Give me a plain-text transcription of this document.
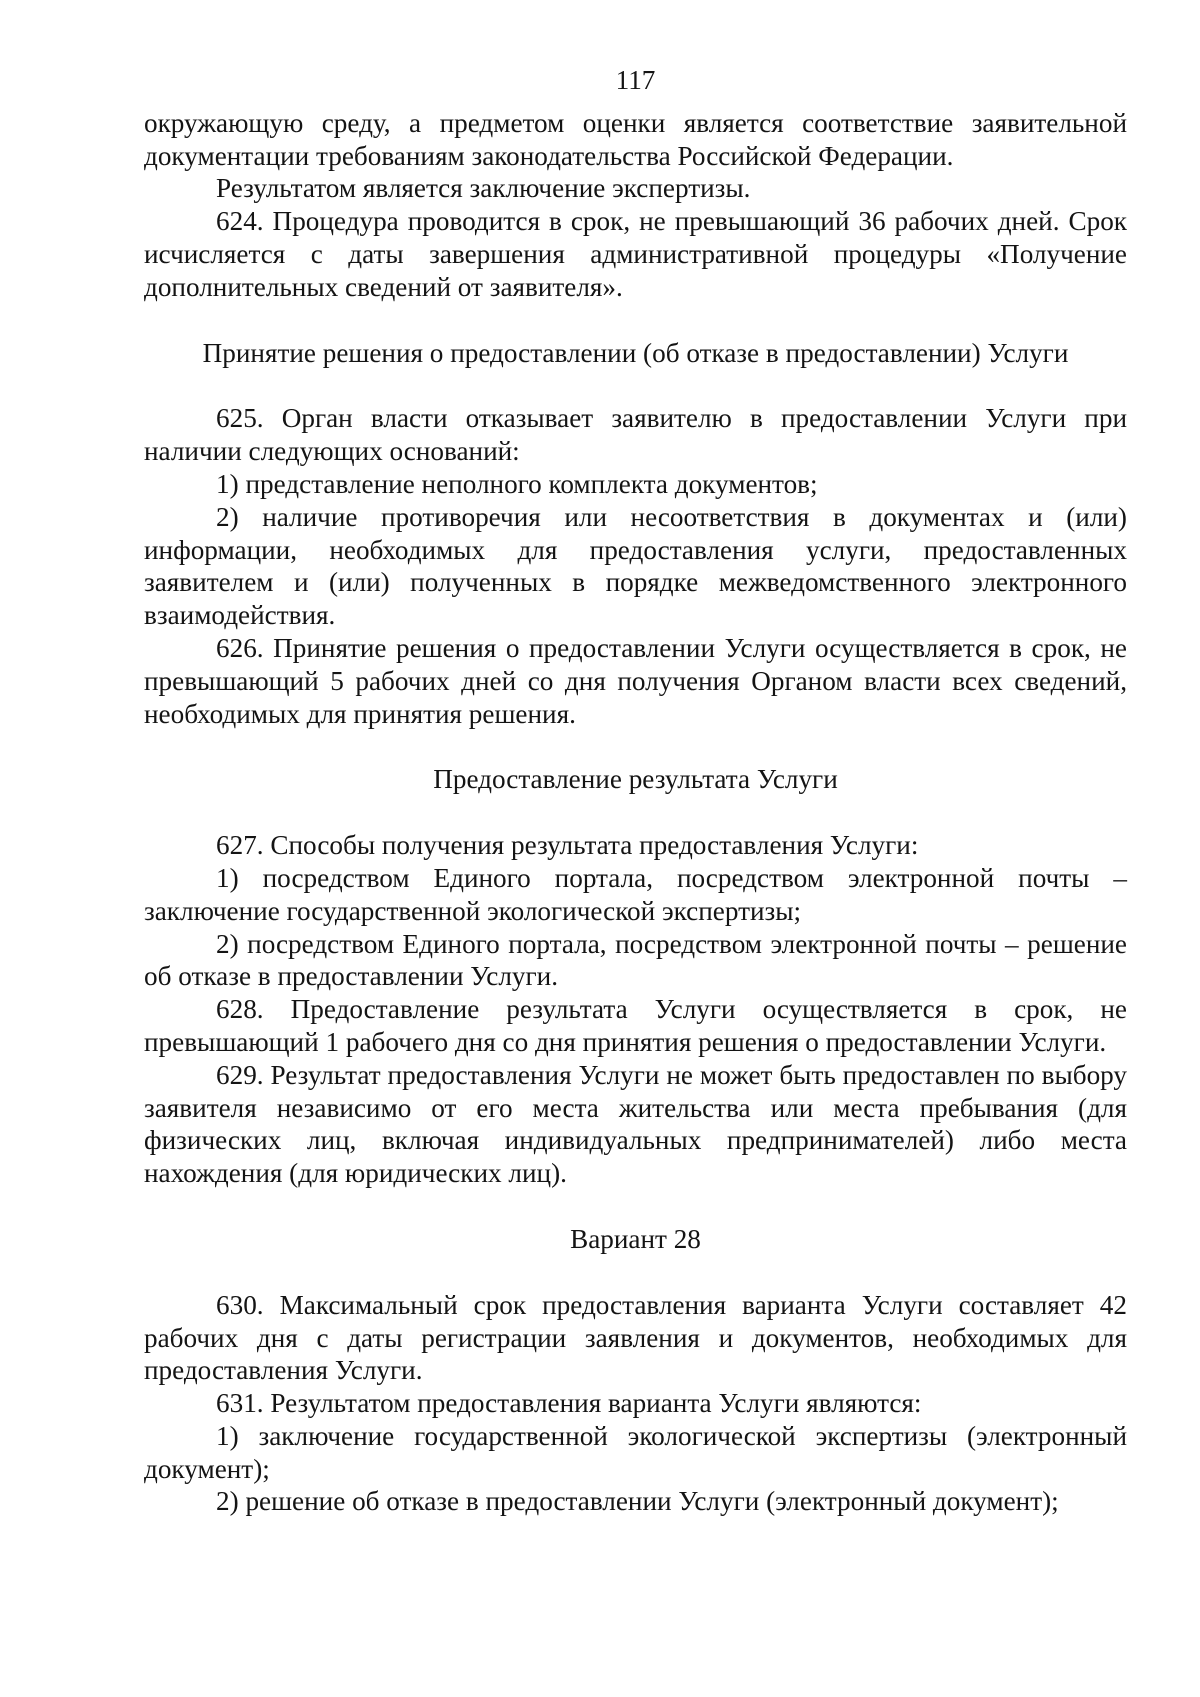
117

окружающую среду, а предметом оценки является соответствие заявительной документации требованиям законодательства Российской Федерации.

Результатом является заключение экспертизы.

624. Процедура проводится в срок, не превышающий 36 рабочих дней. Срок исчисляется с даты завершения административной процедуры «Получение дополнительных сведений от заявителя».

Принятие решения о предоставлении (об отказе в предоставлении) Услуги

625. Орган власти отказывает заявителю в предоставлении Услуги при наличии следующих оснований:

1) представление неполного комплекта документов;

2) наличие противоречия или несоответствия в документах и (или) информации, необходимых для предоставления услуги, предоставленных заявителем и (или) полученных в порядке межведомственного электронного взаимодействия.

626. Принятие решения о предоставлении Услуги осуществляется в срок, не превышающий 5 рабочих дней со дня получения Органом власти всех сведений, необходимых для принятия решения.

Предоставление результата Услуги

627. Способы получения результата предоставления Услуги:

1) посредством Единого портала, посредством электронной почты – заключение государственной экологической экспертизы;

2) посредством Единого портала, посредством электронной почты – решение об отказе в предоставлении Услуги.

628. Предоставление результата Услуги осуществляется в срок, не превышающий 1 рабочего дня со дня принятия решения о предоставлении Услуги.

629. Результат предоставления Услуги не может быть предоставлен по выбору заявителя независимо от его места жительства или места пребывания (для физических лиц, включая индивидуальных предпринимателей) либо места нахождения (для юридических лиц).

Вариант 28

630. Максимальный срок предоставления варианта Услуги составляет 42 рабочих дня с даты регистрации заявления и документов, необходимых для предоставления Услуги.

631. Результатом предоставления варианта Услуги являются:

1) заключение государственной экологической экспертизы (электронный документ);

2) решение об отказе в предоставлении Услуги (электронный документ);
